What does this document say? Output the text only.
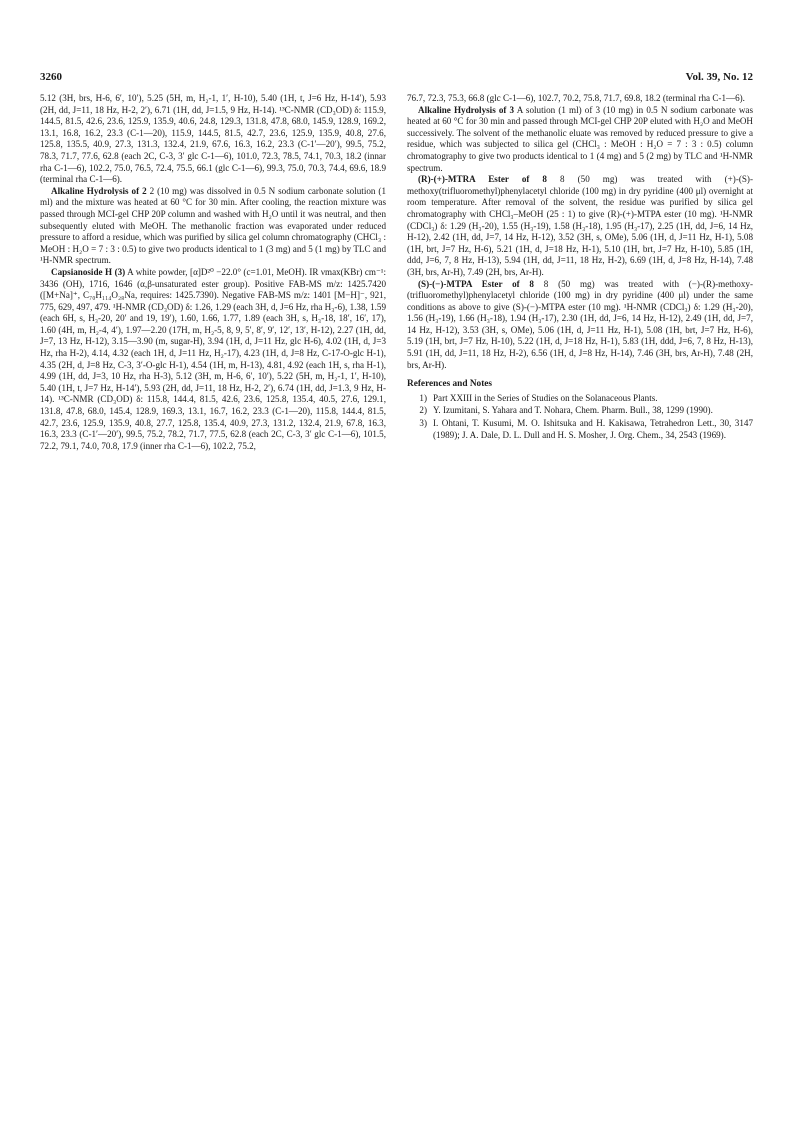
3260	Vol. 39, No. 12

5.12 (3H, brs, H-6, 6′, 10′), 5.25 (5H, m, H₂-1, 1′, H-10), 5.40 (1H, t, J=6 Hz, H-14′), 5.93 (2H, dd, J=11, 18 Hz, H-2, 2′), 6.71 (1H, dd, J=1.5, 9 Hz, H-14). ¹³C-NMR (CD₃OD) δ: 115.9, 144.5, 81.5, 42.6, 23.6, 125.9, 135.9, 40.6, 24.8, 129.3, 131.8, 47.8, 68.0, 145.9, 128.9, 169.2, 13.1, 16.8, 16.2, 23.3 (C-1—20), 115.9, 144.5, 81.5, 42.7, 23.6, 125.9, 135.9, 40.8, 27.6, 125.8, 135.5, 40.9, 27.3, 131.3, 132.4, 21.9, 67.6, 16.3, 16.2, 23.3 (C-1′—20′), 99.5, 75.2, 78.3, 71.7, 77.6, 62.8 (each 2C, C-3, 3′ glc C-1—6), 101.0, 72.3, 78.5, 74.1, 70.3, 18.2 (innar rha C-1—6), 102.2, 75.0, 76.5, 72.4, 75.5, 66.1 (glc C-1—6), 99.3, 75.0, 70.3, 74.4, 69.6, 18.9 (terminal rha C-1—6).

Alkaline Hydrolysis of 2 2 (10 mg) was dissolved in 0.5 N sodium carbonate solution (1 ml) and the mixture was heated at 60 °C for 30 min. After cooling, the reaction mixture was passed through MCI-gel CHP 20P column and washed with H₂O until it was neutral, and then subsequently eluted with MeOH. The methanolic fraction was evaporated under reduced pressure to afford a residue, which was purified by silica gel column chromatography (CHCl₃ : MeOH : H₂O = 7 : 3 : 0.5) to give two products identical to 1 (3 mg) and 5 (1 mg) by TLC and ¹H-NMR spectrum.

Capsianoside H (3) A white powder, [α]D²⁰ −22.0° (c=1.01, MeOH). IR νmax(KBr) cm⁻¹: 3436 (OH), 1716, 1646 (α,β-unsaturated ester group). Positive FAB-MS m/z: 1425.7420 ([M+Na]⁺, C₇₀H₁₁₄O₂₈Na, requires: 1425.7390). Negative FAB-MS m/z: 1401 [M−H]⁻, 921, 775, 629, 497, 479. ¹H-NMR (CD₃OD) δ: 1.26, 1.29 (each 3H, d, J=6 Hz, rha H₃-6), 1.38, 1.59 (each 6H, s, H₃-20, 20′ and 19, 19′), 1.60, 1.66, 1.77, 1.89 (each 3H, s, H₃-18, 18′, 16′, 17), 1.60 (4H, m, H₂-4, 4′), 1.97—2.20 (17H, m, H₂-5, 8, 9, 5′, 8′, 9′, 12′, 13′, H-12), 2.27 (1H, dd, J=7, 13 Hz, H-12), 3.15—3.90 (m, sugar-H), 3.94 (1H, d, J=11 Hz, glc H-6), 4.02 (1H, d, J=3 Hz, rha H-2), 4.14, 4.32 (each 1H, d, J=11 Hz, H₂-17), 4.23 (1H, d, J=8 Hz, C-17-O-glc H-1), 4.35 (2H, d, J=8 Hz, C-3, 3′-O-glc H-1), 4.54 (1H, m, H-13), 4.81, 4.92 (each 1H, s, rha H-1), 4.99 (1H, dd, J=3, 10 Hz, rha H-3), 5.12 (3H, m, H-6, 6′, 10′), 5.22 (5H, m, H₂-1, 1′, H-10), 5.40 (1H, t, J=7 Hz, H-14′), 5.93 (2H, dd, J=11, 18 Hz, H-2, 2′), 6.74 (1H, dd, J=1.3, 9 Hz, H-14). ¹³C-NMR (CD₃OD) δ: 115.8, 144.4, 81.5, 42.6, 23.6, 125.8, 135.4, 40.5, 27.6, 129.1, 131.8, 47.8, 68.0, 145.4, 128.9, 169.3, 13.1, 16.7, 16.2, 23.3 (C-1—20), 115.8, 144.4, 81.5, 42.7, 23.6, 125.9, 135.9, 40.8, 27.7, 125.8, 135.4, 40.9, 27.3, 131.2, 132.4, 21.9, 67.8, 16.3, 16.3, 23.3 (C-1′—20′), 99.5, 75.2, 78.2, 71.7, 77.5, 62.8 (each 2C, C-3, 3′ glc C-1—6), 101.5, 72.2, 79.1, 74.0, 70.8, 17.9 (inner rha C-1—6), 102.2, 75.2,

76.7, 72.3, 75.3, 66.8 (glc C-1—6), 102.7, 70.2, 75.8, 71.7, 69.8, 18.2 (terminal rha C-1—6).

Alkaline Hydrolysis of 3 A solution (1 ml) of 3 (10 mg) in 0.5 N sodium carbonate was heated at 60 °C for 30 min and passed through MCI-gel CHP 20P eluted with H₂O and MeOH successively. The solvent of the methanolic eluate was removed by reduced pressure to give a residue, which was subjected to silica gel (CHCl₃ : MeOH : H₂O = 7 : 3 : 0.5) column chromatography to give two products identical to 1 (4 mg) and 5 (2 mg) by TLC and ¹H-NMR spectrum.

(R)-(+)-MTRA Ester of 8 8 (50 mg) was treated with (+)-(S)-methoxy(trifluoromethyl)phenylacetyl chloride (100 mg) in dry pyridine (400 μl) overnight at room temperature. After removal of the solvent, the residue was purified by silica gel chromatography with CHCl₃–MeOH (25 : 1) to give (R)-(+)-MTPA ester (10 mg). ¹H-NMR (CDCl₃) δ: 1.29 (H₃-20), 1.55 (H₃-19), 1.58 (H₃-18), 1.95 (H₃-17), 2.25 (1H, dd, J=6, 14 Hz, H-12), 2.42 (1H, dd, J=7, 14 Hz, H-12), 3.52 (3H, s, OMe), 5.06 (1H, d, J=11 Hz, H-1), 5.08 (1H, brt, J=7 Hz, H-6), 5.21 (1H, d, J=18 Hz, H-1), 5.10 (1H, brt, J=7 Hz, H-10), 5.85 (1H, ddd, J=6, 7, 8 Hz, H-13), 5.94 (1H, dd, J=11, 18 Hz, H-2), 6.69 (1H, d, J=8 Hz, H-14), 7.48 (3H, brs, Ar-H), 7.49 (2H, brs, Ar-H).

(S)-(−)-MTPA Ester of 8 8 (50 mg) was treated with (−)-(R)-methoxy-(trifluoromethyl)phenylacetyl chloride (100 mg) in dry pyridine (400 μl) under the same conditions as above to give (S)-(−)-MTPA ester (10 mg). ¹H-NMR (CDCl₃) δ: 1.29 (H₃-20), 1.56 (H₃-19), 1.66 (H₃-18), 1.94 (H₃-17), 2.30 (1H, dd, J=6, 14 Hz, H-12), 2.49 (1H, dd, J=7, 14 Hz, H-12), 3.53 (3H, s, OMe), 5.06 (1H, d, J=11 Hz, H-1), 5.08 (1H, brt, J=7 Hz, H-6), 5.19 (1H, brt, J=7 Hz, H-10), 5.22 (1H, d, J=18 Hz, H-1), 5.83 (1H, ddd, J=6, 7, 8 Hz, H-13), 5.91 (1H, dd, J=11, 18 Hz, H-2), 6.56 (1H, d, J=8 Hz, H-14), 7.46 (3H, brs, Ar-H), 7.48 (2H, brs, Ar-H).

References and Notes
1) Part XXIII in the Series of Studies on the Solanaceous Plants.
2) Y. Izumitani, S. Yahara and T. Nohara, Chem. Pharm. Bull., 38, 1299 (1990).
3) I. Ohtani, T. Kusumi, M. O. Ishitsuka and H. Kakisawa, Tetrahedron Lett., 30, 3147 (1989); J. A. Dale, D. L. Dull and H. S. Mosher, J. Org. Chem., 34, 2543 (1969).
